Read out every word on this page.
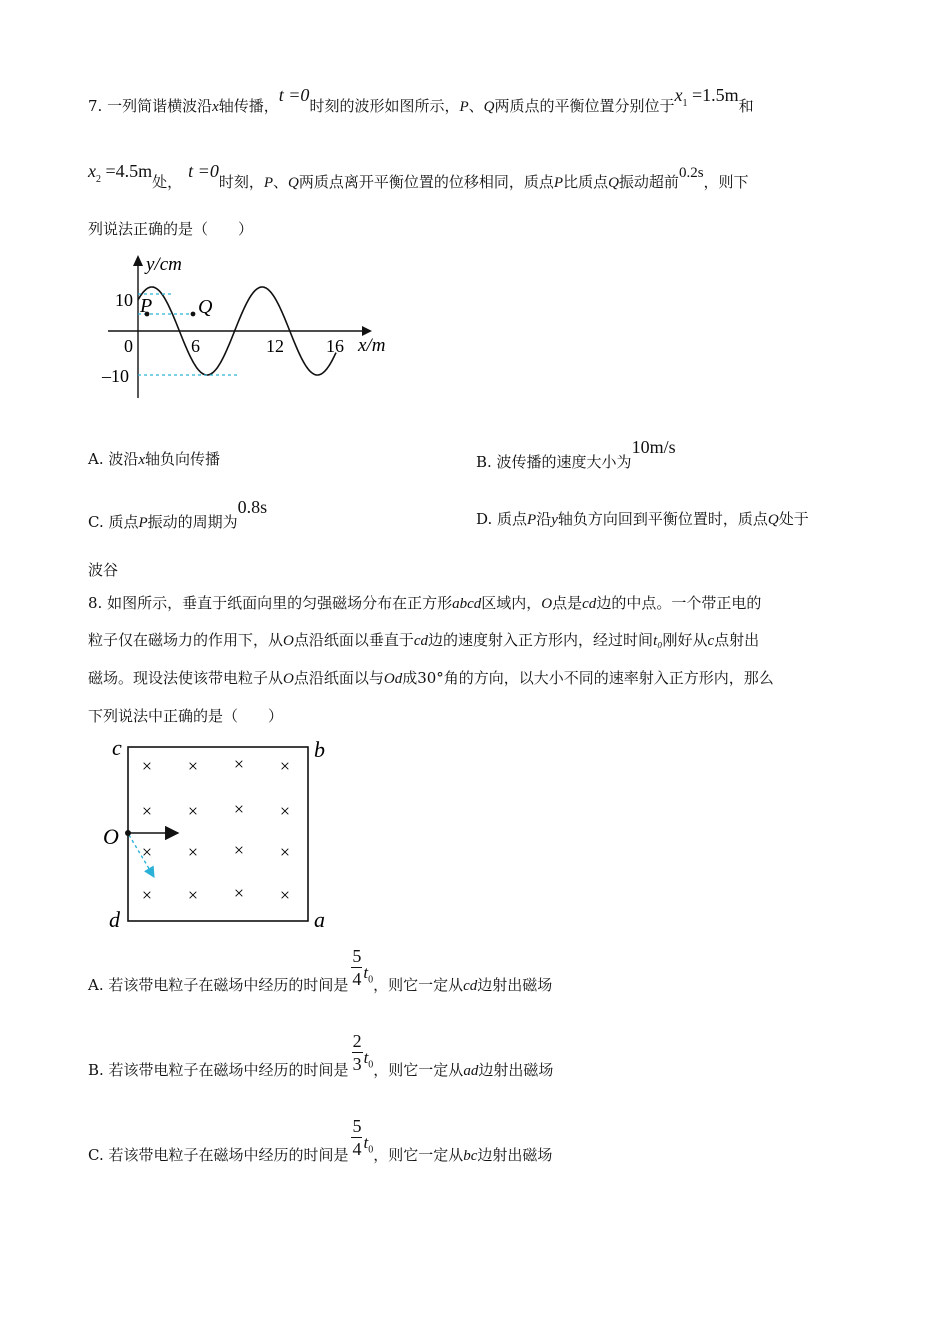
7. 一列简谐横波沿x轴传播，t =0时刻的波形如图所示，P、Q两质点的平衡位置分别位于$x_1 =1.5m$和
$x_2 =4.5m$处，t =0时刻，P、Q两质点离开平衡位置的位移相同，质点P比质点Q振动超前0.2s，则下
列说法正确的是（　　）
y/cm
x/m
10
–10
0	6	12 16
P Q
A. 波沿x轴负向传播	B. 波传播的速度大小为10m/s
C. 质点P振动的周期为0.8s
D. 质点P沿y轴负方向回到平衡位置时，质点Q处于
波谷
8. 如图所示，垂直于纸面向里的匀强磁场分布在正方形abcd区域内，O点是cd边的中点。一个带正电的
粒子仅在磁场力的作用下，从O点沿纸面以垂直于cd边的速度射入正方形内，经过时间t₀刚好从c点射出
磁场。现设法使该带电粒子从O点沿纸面以与Od成30°角的方向，以大小不同的速率射入正方形内，那么
下列说法中正确的是（　　）
× × × ×
× × × ×
× × × ×
× × × ×
c	b
O
d	a
A. 若该带电粒子在磁场中经历的时间是 $\frac{5}{4} t_0$，则它一定从cd边射出磁场
B. 若该带电粒子在磁场中经历的时间是 $\frac{2}{3} t_0$，则它一定从ad边射出磁场
C. 若该带电粒子在磁场中经历的时间是 $\frac{5}{4} t_0$，则它一定从bc边射出磁场
